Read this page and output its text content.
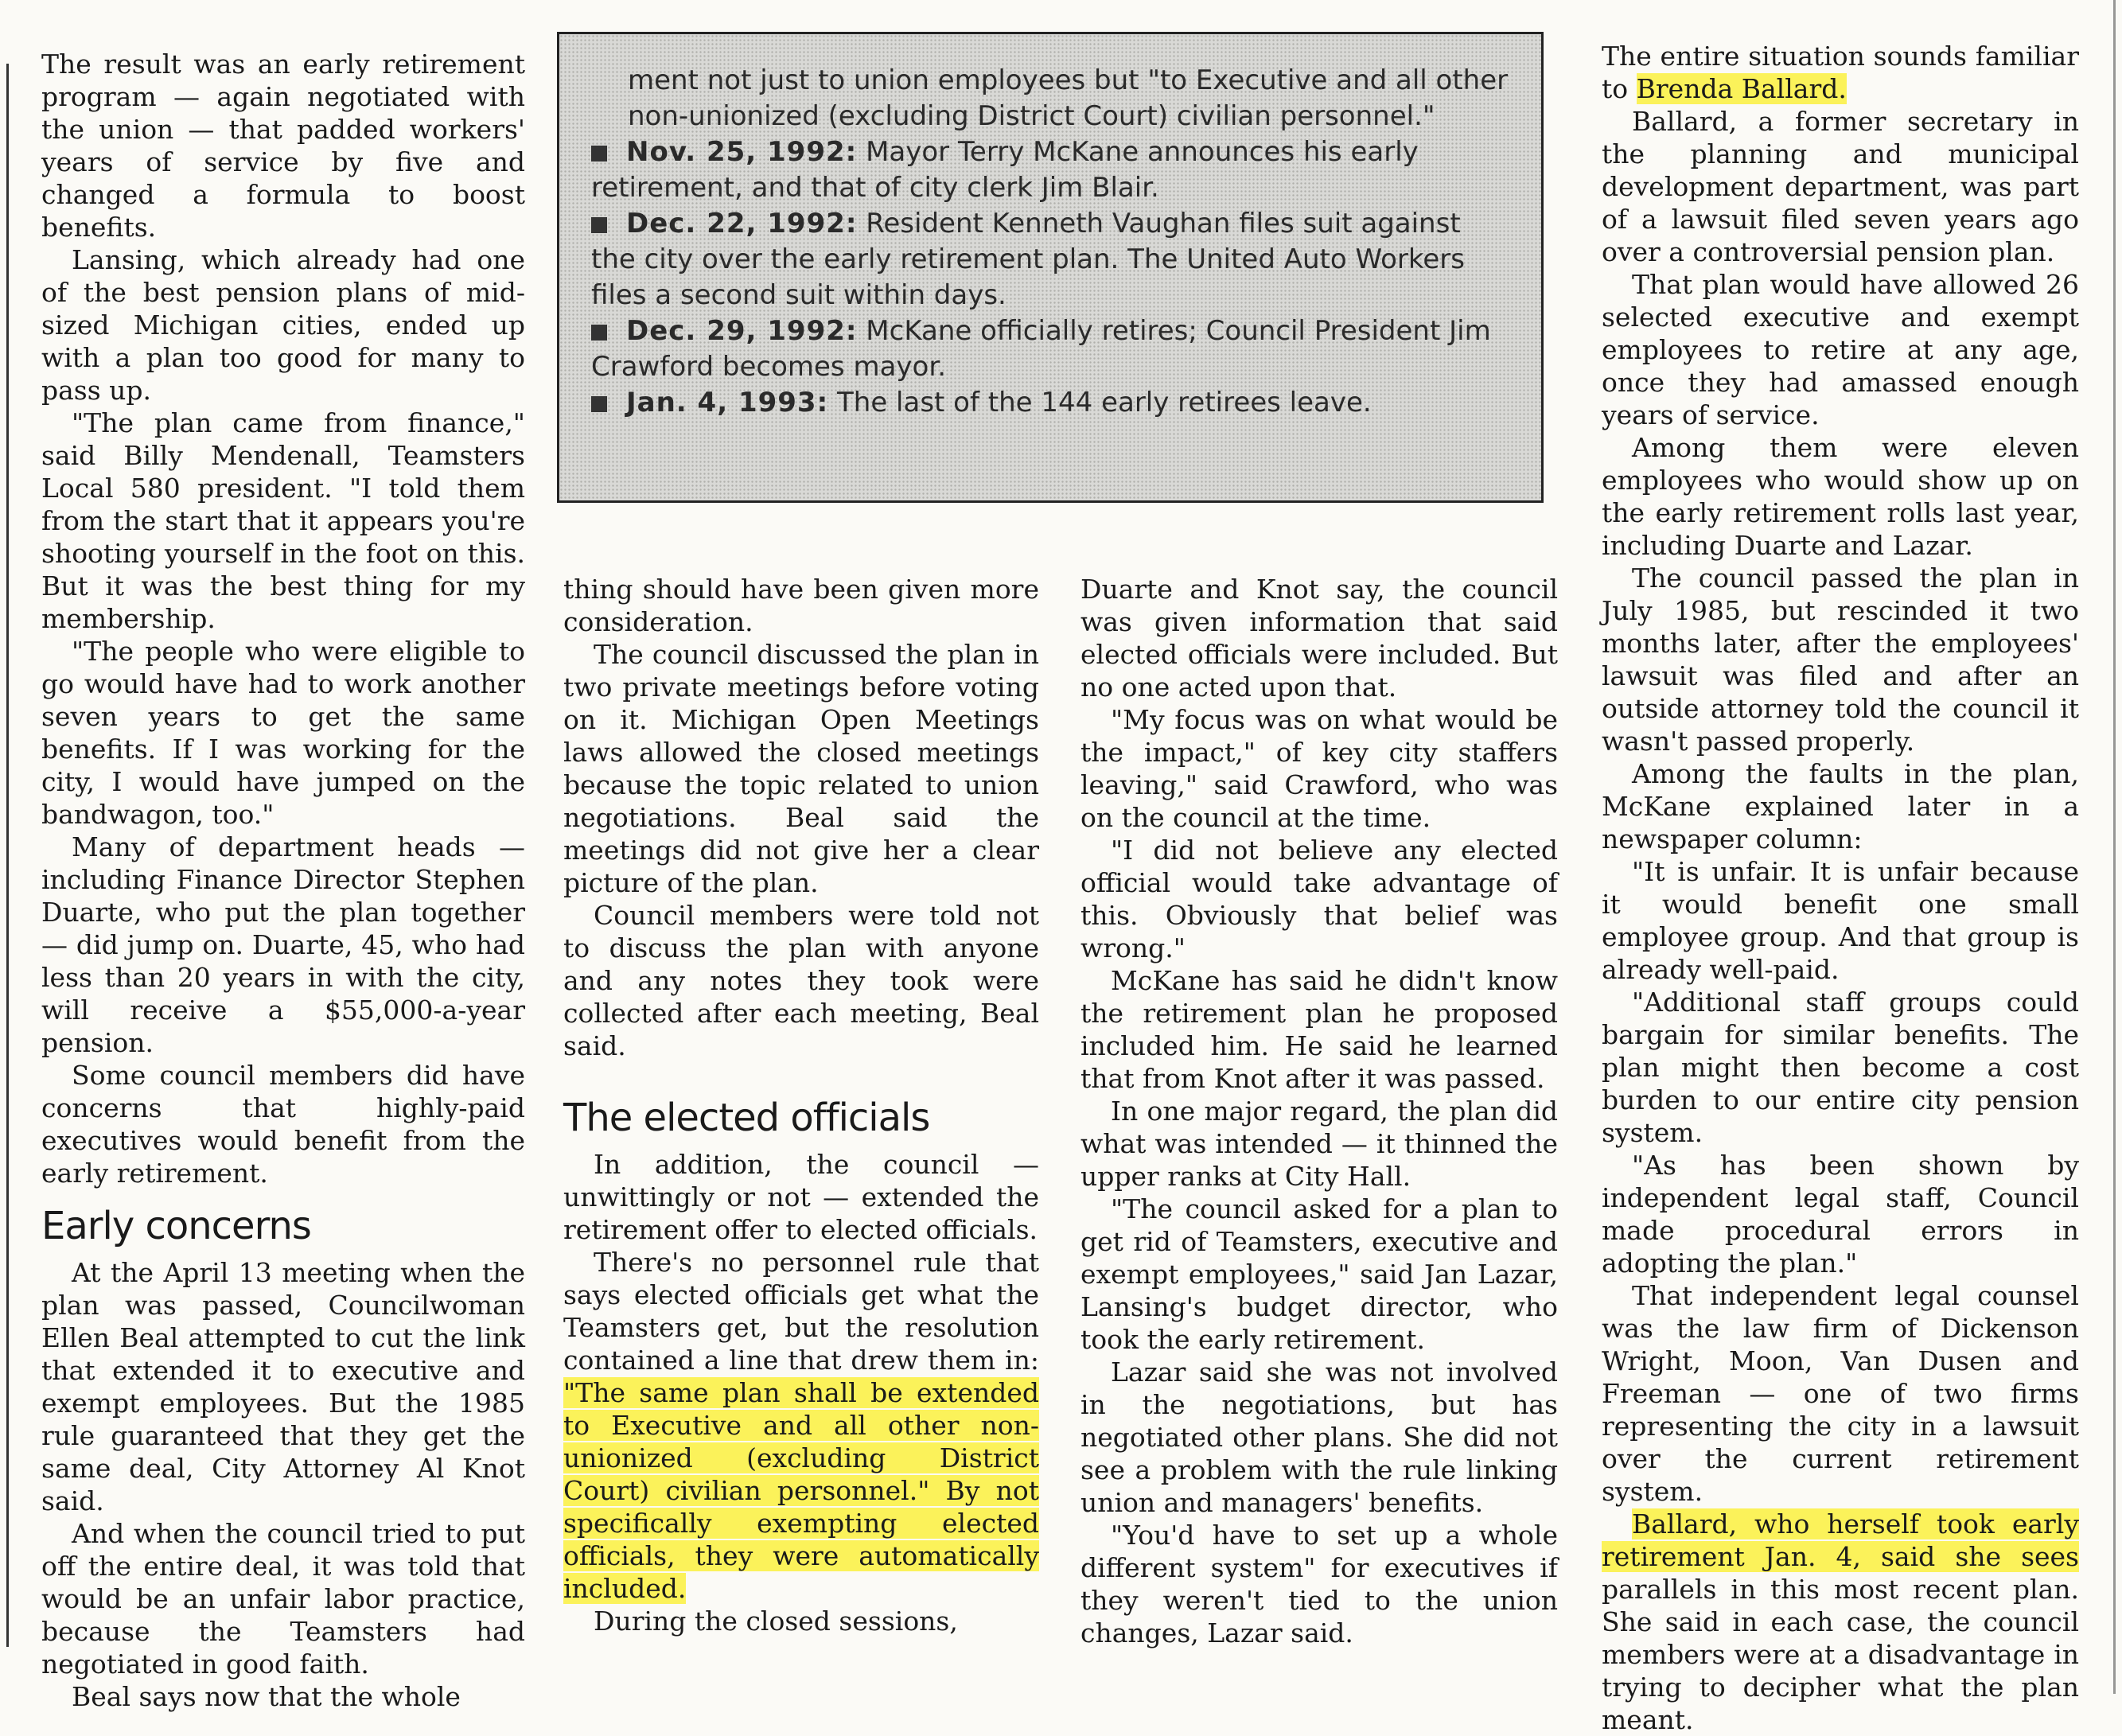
The result was an early retirement program — again negotiated with the union — that padded workers' years of service by five and changed a formula to boost benefits.

Lansing, which already had one of the best pension plans of mid-sized Michigan cities, ended up with a plan too good for many to pass up.

"The plan came from finance," said Billy Mendenall, Teamsters Local 580 president. "I told them from the start that it appears you're shooting yourself in the foot on this. But it was the best thing for my membership.

"The people who were eligible to go would have had to work another seven years to get the same benefits. If I was working for the city, I would have jumped on the bandwagon, too."

Many of department heads — including Finance Director Stephen Duarte, who put the plan together — did jump on. Duarte, 45, who had less than 20 years in with the city, will receive a $55,000-a-year pension.

Some council members did have concerns that highly-paid executives would benefit from the early retirement.

Early concerns

At the April 13 meeting when the plan was passed, Councilwoman Ellen Beal attempted to cut the link that extended it to executive and exempt employees. But the 1985 rule guaranteed that they get the same deal, City Attorney Al Knot said.

And when the council tried to put off the entire deal, it was told that would be an unfair labor practice, because the Teamsters had negotiated in good faith.

Beal says now that the whole

ment not just to union employees but "to Executive and all other non-unionized (excluding District Court) civilian personnel."
Nov. 25, 1992: Mayor Terry McKane announces his early retirement, and that of city clerk Jim Blair.
Dec. 22, 1992: Resident Kenneth Vaughan files suit against the city over the early retirement plan. The United Auto Workers files a second suit within days.
Dec. 29, 1992: McKane officially retires; Council President Jim Crawford becomes mayor.
Jan. 4, 1993: The last of the 144 early retirees leave.

thing should have been given more consideration.

The council discussed the plan in two private meetings before voting on it. Michigan Open Meetings laws allowed the closed meetings because the topic related to union negotiations. Beal said the meetings did not give her a clear picture of the plan.

Council members were told not to discuss the plan with anyone and any notes they took were collected after each meeting, Beal said.

The elected officials

In addition, the council — unwittingly or not — extended the retirement offer to elected officials.

There's no personnel rule that says elected officials get what the Teamsters get, but the resolution contained a line that drew them in: "The same plan shall be extended to Executive and all other non-unionized (excluding District Court) civilian personnel." By not specifically exempting elected officials, they were automatically included.

During the closed sessions,

Duarte and Knot say, the council was given information that said elected officials were included. But no one acted upon that.

"My focus was on what would be the impact," of key city staffers leaving," said Crawford, who was on the council at the time.

"I did not believe any elected official would take advantage of this. Obviously that belief was wrong."

McKane has said he didn't know the retirement plan he proposed included him. He said he learned that from Knot after it was passed.

In one major regard, the plan did what was intended — it thinned the upper ranks at City Hall.

"The council asked for a plan to get rid of Teamsters, executive and exempt employees," said Jan Lazar, Lansing's budget director, who took the early retirement.

Lazar said she was not involved in the negotiations, but has negotiated other plans. She did not see a problem with the rule linking union and managers' benefits.

"You'd have to set up a whole different system" for executives if they weren't tied to the union changes, Lazar said.

The entire situation sounds familiar to Brenda Ballard.

Ballard, a former secretary in the planning and municipal development department, was part of a lawsuit filed seven years ago over a controversial pension plan.

That plan would have allowed 26 selected executive and exempt employees to retire at any age, once they had amassed enough years of service.

Among them were eleven employees who would show up on the early retirement rolls last year, including Duarte and Lazar.

The council passed the plan in July 1985, but rescinded it two months later, after the employees' lawsuit was filed and after an outside attorney told the council it wasn't passed properly.

Among the faults in the plan, McKane explained later in a newspaper column:

"It is unfair. It is unfair because it would benefit one small employee group. And that group is already well-paid.

"Additional staff groups could bargain for similar benefits. The plan might then become a cost burden to our entire city pension system.

"As has been shown by independent legal staff, Council made procedural errors in adopting the plan."

That independent legal counsel was the law firm of Dickenson Wright, Moon, Van Dusen and Freeman — one of two firms representing the city in a lawsuit over the current retirement system.

Ballard, who herself took early retirement Jan. 4, said she sees parallels in this most recent plan. She said in each case, the council members were at a disadvantage in trying to decipher what the plan meant.
